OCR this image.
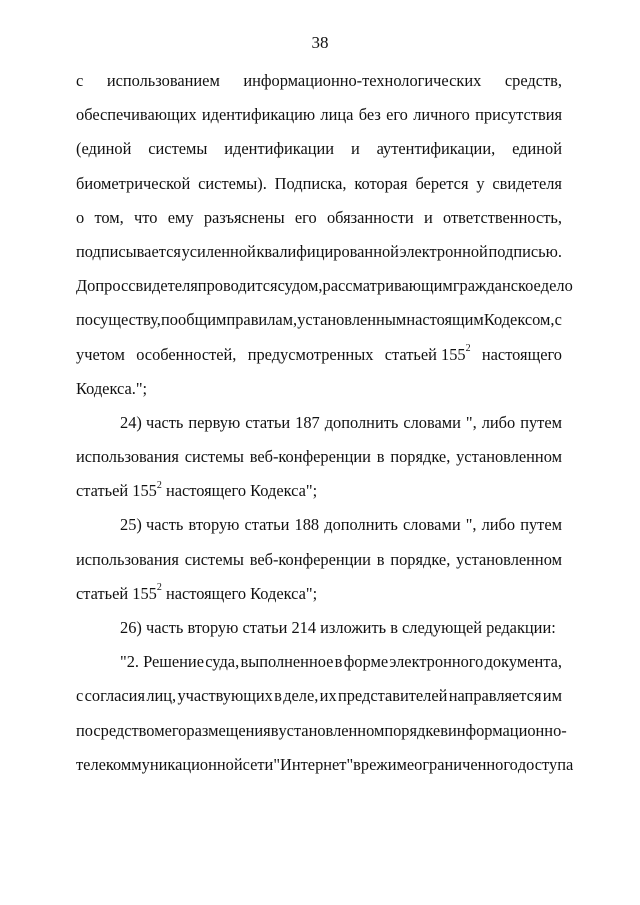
38
с использованием информационно-технологических средств,
обеспечивающих идентификацию лица без его личного присутствия
(единой системы идентификации и аутентификации, единой
биометрической системы). Подписка, которая берется у свидетеля
о том, что ему разъяснены его обязанности и ответственность,
подписывается усиленной квалифицированной электронной подписью.
Допрос свидетеля проводится судом, рассматривающим гражданское дело
по существу, по общим правилам, установленным настоящим Кодексом, с
учетом особенностей, предусмотренных статьей $155^2$ настоящего
Кодекса.";
24) часть первую статьи 187 дополнить словами ", либо путем
использования системы веб-конференции в порядке, установленном
статьей $155^2$ настоящего Кодекса";
25) часть вторую статьи 188 дополнить словами ", либо путем
использования системы веб-конференции в порядке, установленном
статьей $155^2$ настоящего Кодекса";
26) часть вторую статьи 214 изложить в следующей редакции:
"2. Решение суда, выполненное в форме электронного документа,
с согласия лиц, участвующих в деле, их представителей направляется им
посредством его размещения в установленном порядке в информационно-
телекоммуникационной сети "Интернет" в режиме ограниченного доступа
